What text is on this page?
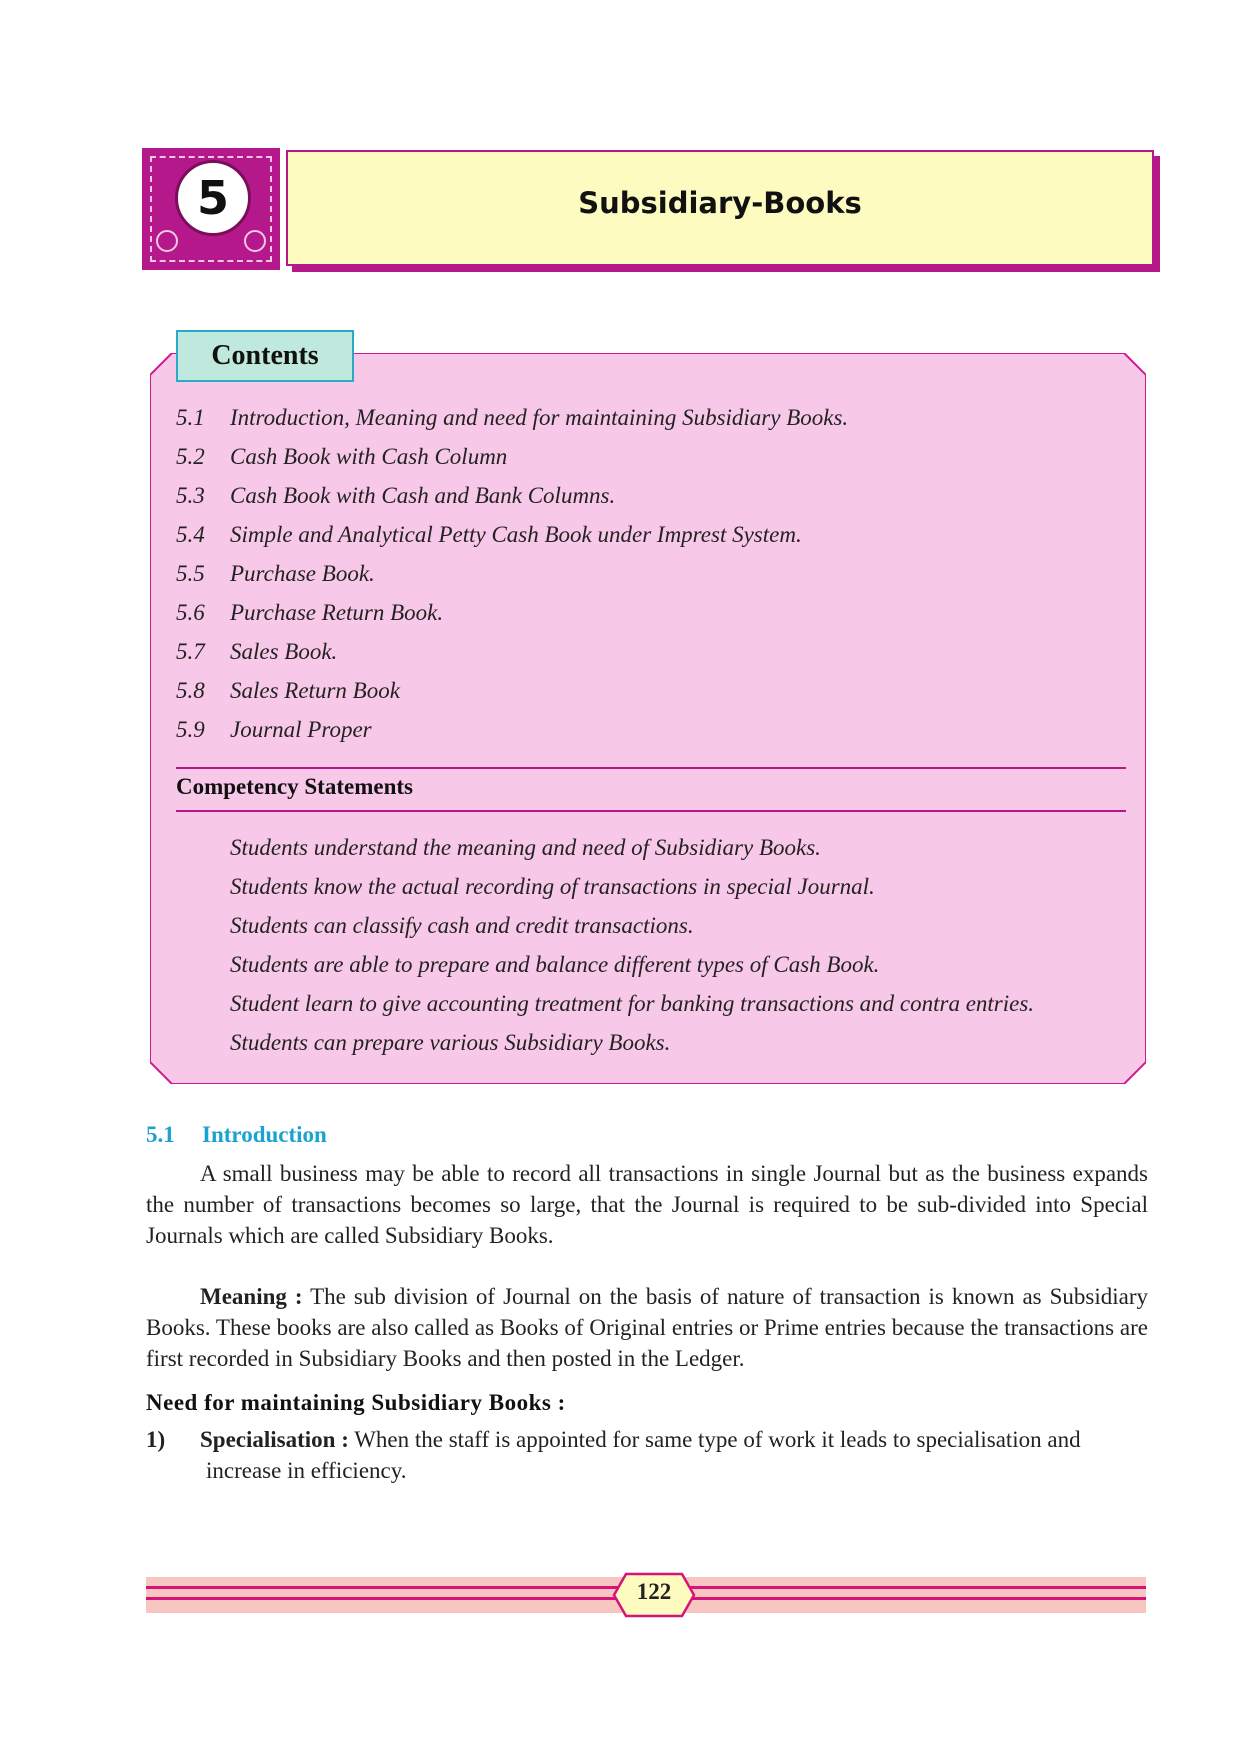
5	Subsidiary-Books
Contents
5.1 Introduction, Meaning and need for maintaining Subsidiary Books.
5.2 Cash Book with Cash Column
5.3 Cash Book with Cash and Bank Columns.
5.4 Simple and Analytical Petty Cash Book under Imprest System.
5.5 Purchase Book.
5.6 Purchase Return Book.
5.7 Sales Book.
5.8 Sales Return Book
5.9 Journal Proper
Competency Statements
Students understand the meaning and need of Subsidiary Books.
Students know the actual recording of transactions in special Journal.
Students can classify cash and credit transactions.
Students are able to prepare and balance different types of Cash Book.
Student learn to give accounting treatment for banking transactions and contra entries.
Students can prepare various Subsidiary Books.
5.1 Introduction

A small business may be able to record all transactions in single Journal but as the business expands the number of transactions becomes so large, that the Journal is required to be sub-divided into Special Journals which are called Subsidiary Books.

Meaning : The sub division of Journal on the basis of nature of transaction is known as Subsidiary Books. These books are also called as Books of Original entries or Prime entries because the transactions are first recorded in Subsidiary Books and then posted in the Ledger.

Need for maintaining Subsidiary Books :
1) Specialisation : When the staff is appointed for same type of work it leads to specialisation and
increase in efficiency.
122
